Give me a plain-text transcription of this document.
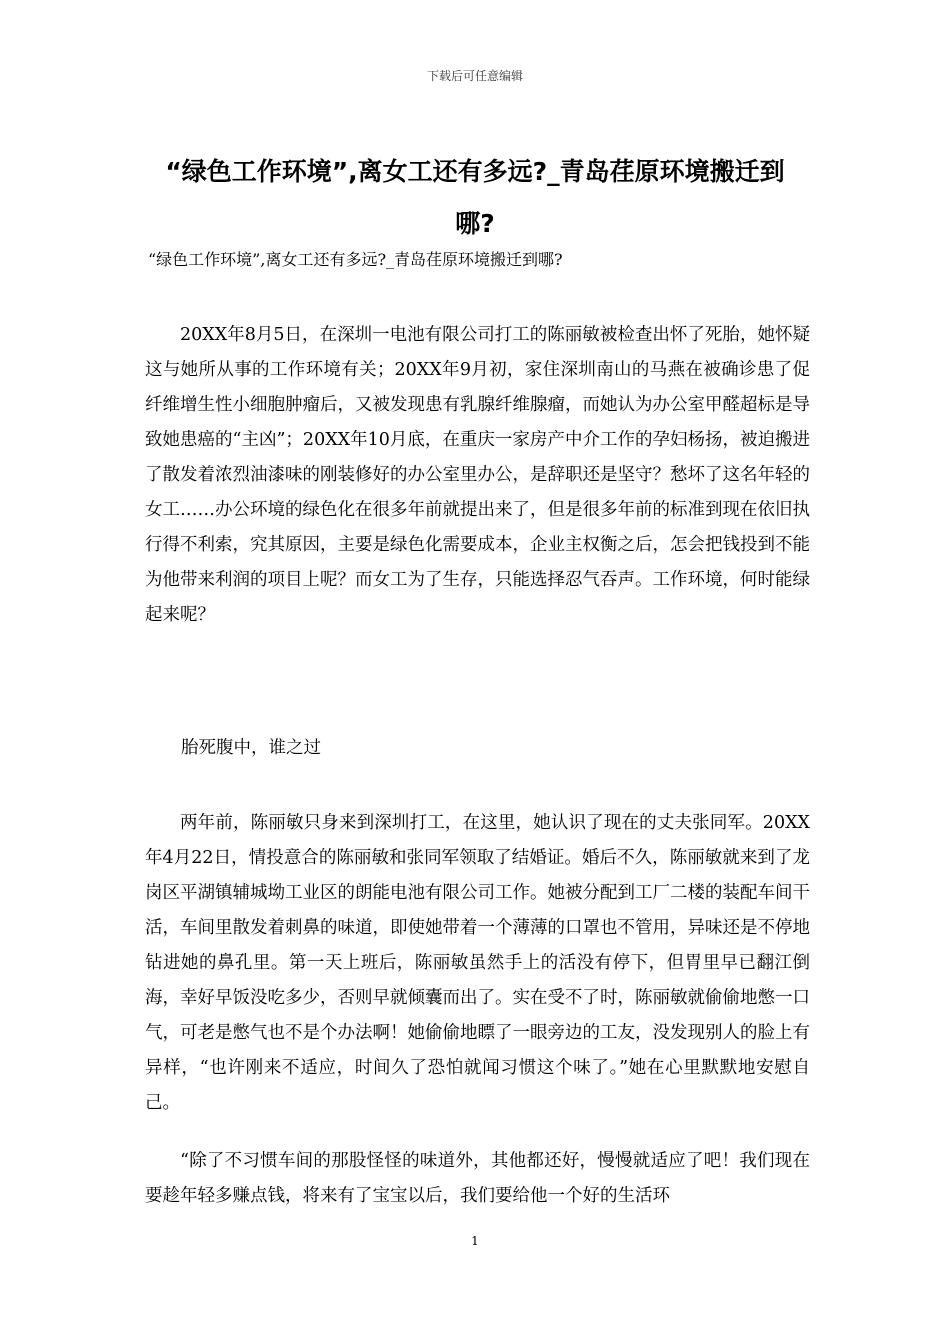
下载后可任意编辑
“绿色工作环境”,离女工还有多远?_青岛荏原环境搬迁到哪?
“绿色工作环境”,离女工还有多远?_青岛荏原环境搬迁到哪?

20XX年8月5日，在深圳一电池有限公司打工的陈丽敏被检查出怀了死胎，她怀疑这与她所从事的工作环境有关；20XX年9月初，家住深圳南山的马燕在被确诊患了促纤维增生性小细胞肿瘤后，又被发现患有乳腺纤维腺瘤，而她认为办公室甲醛超标是导致她患癌的“主凶”；20XX年10月底，在重庆一家房产中介工作的孕妇杨扬，被迫搬进了散发着浓烈油漆味的刚装修好的办公室里办公，是辞职还是坚守？愁坏了这名年轻的女工……办公环境的绿色化在很多年前就提出来了，但是很多年前的标准到现在依旧执行得不利索，究其原因，主要是绿色化需要成本，企业主权衡之后，怎会把钱投到不能为他带来利润的项目上呢？而女工为了生存，只能选择忍气吞声。工作环境，何时能绿起来呢？

胎死腹中，谁之过

两年前，陈丽敏只身来到深圳打工，在这里，她认识了现在的丈夫张同军。20XX年4月22日，情投意合的陈丽敏和张同军领取了结婚证。婚后不久，陈丽敏就来到了龙岗区平湖镇辅城坳工业区的朗能电池有限公司工作。她被分配到工厂二楼的装配车间干活，车间里散发着刺鼻的味道，即使她带着一个薄薄的口罩也不管用，异味还是不停地钻进她的鼻孔里。第一天上班后，陈丽敏虽然手上的活没有停下，但胃里早已翻江倒海，幸好早饭没吃多少，否则早就倾囊而出了。实在受不了时，陈丽敏就偷偷地憋一口气，可老是憋气也不是个办法啊！她偷偷地瞟了一眼旁边的工友，没发现别人的脸上有异样，“也许刚来不适应，时间久了恐怕就闻习惯这个味了。”她在心里默默地安慰自己。

“除了不习惯车间的那股怪怪的味道外，其他都还好，慢慢就适应了吧！我们现在要趁年轻多赚点钱，将来有了宝宝以后，我们要给他一个好的生活环

1
